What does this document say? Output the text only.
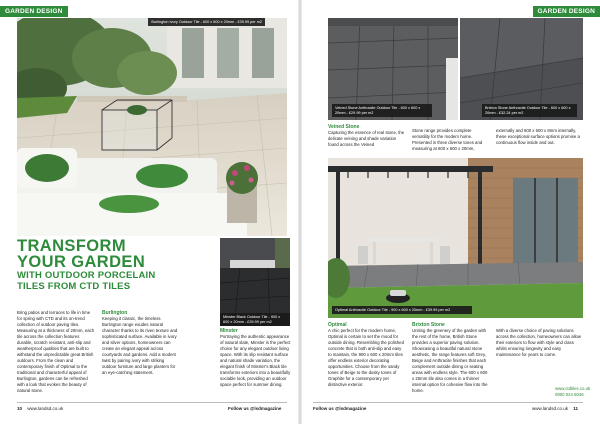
GARDEN DESIGN
Burlington Ivory Outdoor Tile - 600 x 600 x 20mm - £39.99 per m2
TRANSFORM
YOUR GARDEN
WITH OUTDOOR PORCELAIN
TILES FROM CTD TILES
Minster Black Outdoor Tile - 900 x 600 x 20mm - £39.99 per m2
Bring patios and terraces to life in time for spring with CTD and its on-trend collection of outdoor paving tiles. Measuring at a thickness of 20mm, each tile across the collection features durable, scratch resistant, anti-slip and weatherproof qualities that are built to withstand the unpredictable great British outdoors. From the clean and contemporary finish of Optimal to the traditional and characterful appeal of Burlington, gardens can be refreshed with a look that evokes the beauty of natural stone.
Burlington
Keeping it classic, the timeless Burlington range exudes natural character thanks to its riven texture and sophisticated surface. Available in ivory and silver options, homeowners can create an elegant appeal across courtyards and gardens. Add a modern twist by pairing ivory with striking outdoor furniture and large planters for an eye-catching statement.
Minster
Portraying the authentic appearance of natural slate, Minster is the perfect choice for any elegant outdoor living space. With its slip resistant surface and natural shade variation, the elegant finish of Minster's Black tile transforms exteriors into a beautifully sociable look, providing an outdoor space perfect for summer dining.
10 www.landsd.co.uk	Follow us @lsdmagazine
GARDEN DESIGN
Veined Stone Anthracite Outdoor Tile - 600 x 600 x 20mm - £29.99 per m2
Brixton Stone Anthracite Outdoor Tile - 600 x 600 x 20mm - £32.24 per m2
Veined Stone
Capturing the essence of real stone, the delicate veining and shade variation found across the Veined
Stone range provides complete versatility for the modern home. Presented in three diverse tones and measuring at 600 x 600 x 20mm,
externally and 600 x 600 x 8mm internally, these exceptional surface options promise a continuous flow inside and out.
Optimal Anthracite Outdoor Tile - 900 x 600 x 20mm - £39.99 per m2
Optimal
A chic perfect for the modern home, Optimal is certain to set the mood for outside dining. Resembling the polished concrete that is both anti-slip and easy to maintain, the 900 x 600 x 20mm tiles offer endless exterior decorating opportunities. Choose from the sandy tones of Beige to the dusky tones of Graphite for a contemporary yet distinctive exterior.
Brixton Stone
Uniting the greenery of the garden with the rest of the home, British Stone provides a superior paving solution. Showcasing a beautiful natural stone aesthetic, the range features soft Grey, Beige and Anthracite finishes that each complement outside dining or seating areas with endless style. The 600 x 600 x 20mm tile also comes in a thinner internal option for cohesive flow into the home.
With a diverse choice of paving solutions across the collection, homeowners can allow their exteriors to flow with style and class whilst ensuring longevity and easy maintenance for years to come.
www.ctdtiles.co.uk
0800 024 6046
Follow us @lsdmagazine	www.landsd.co.uk 11
